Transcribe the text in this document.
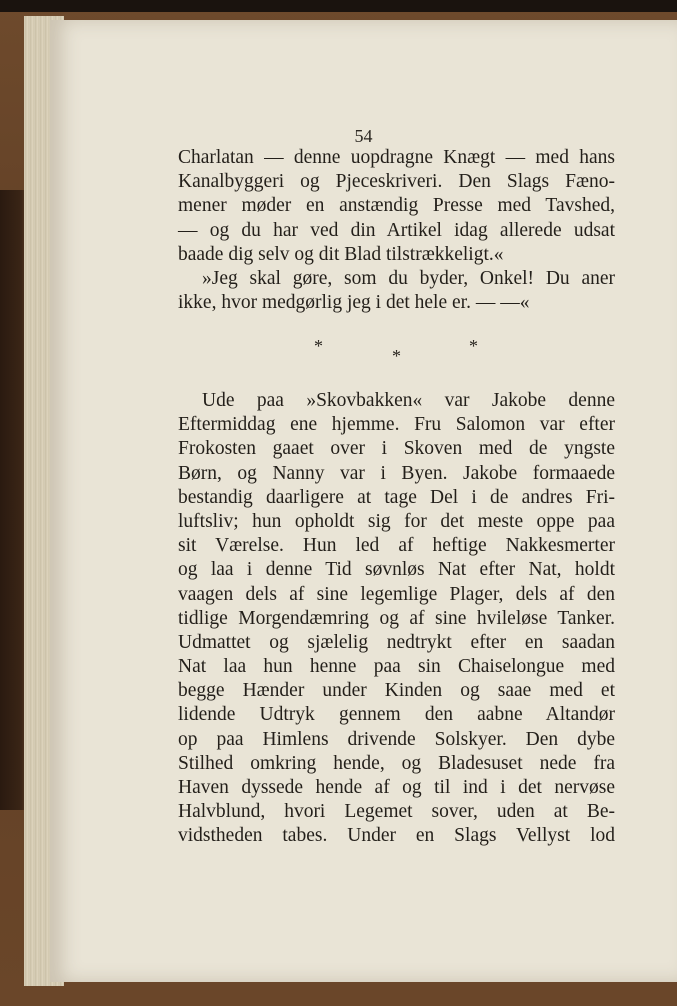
54
Charlatan — denne uopdragne Knægt — med hans
Kanalbyggeri og Pjeceskriveri. Den Slags Fæno-
mener møder en anstændig Presse med Tavshed,
— og du har ved din Artikel idag allerede udsat
baade dig selv og dit Blad tilstrækkeligt.«
»Jeg skal gøre, som du byder, Onkel! Du aner
ikke, hvor medgørlig jeg i det hele er. — —«
*	*	*
Ude paa »Skovbakken« var Jakobe denne
Eftermiddag ene hjemme. Fru Salomon var efter
Frokosten gaaet over i Skoven med de yngste
Børn, og Nanny var i Byen. Jakobe formaaede
bestandig daarligere at tage Del i de andres Fri-
luftsliv; hun opholdt sig for det meste oppe paa
sit Værelse. Hun led af heftige Nakkesmerter
og laa i denne Tid søvnløs Nat efter Nat, holdt
vaagen dels af sine legemlige Plager, dels af den
tidlige Morgendæmring og af sine hvileløse Tanker.
Udmattet og sjælelig nedtrykt efter en saadan
Nat laa hun henne paa sin Chaiselongue med
begge Hænder under Kinden og saae med et
lidende Udtryk gennem den aabne Altandør
op paa Himlens drivende Solskyer. Den dybe
Stilhed omkring hende, og Bladesuset nede fra
Haven dyssede hende af og til ind i det nervøse
Halvblund, hvori Legemet sover, uden at Be-
vidstheden tabes. Under en Slags Vellyst lod
